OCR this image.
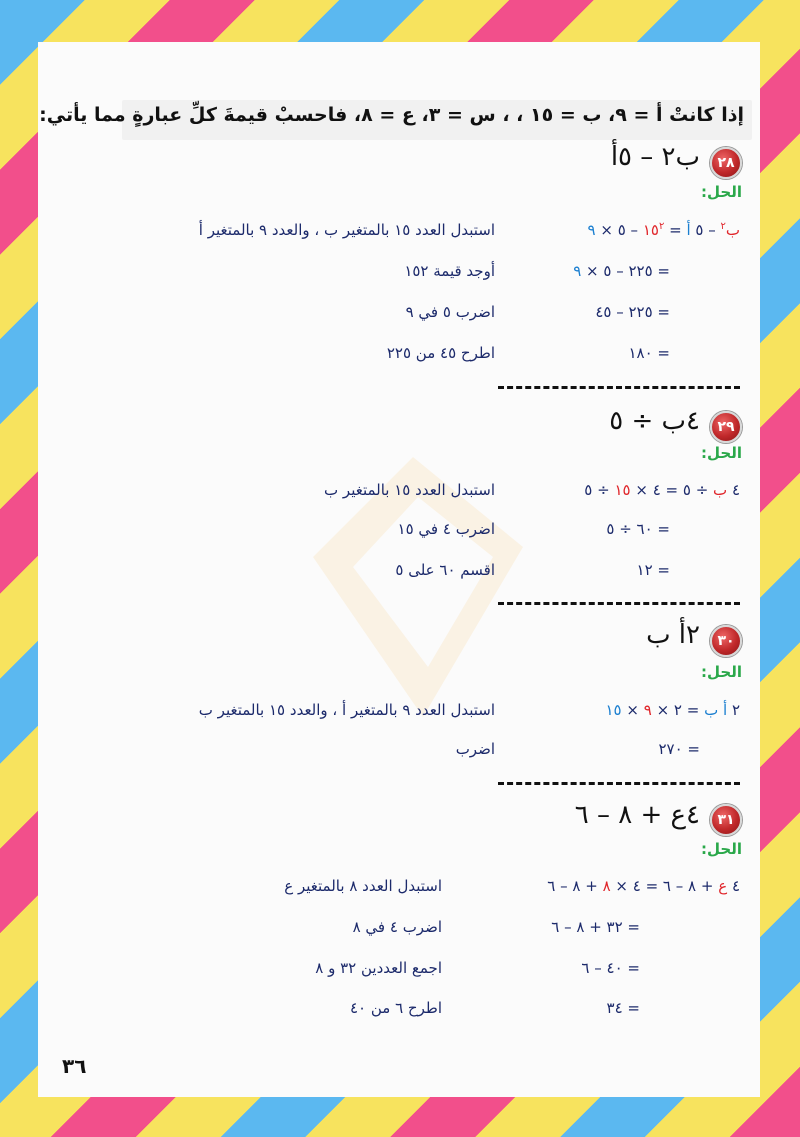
إذا كانتْ أ = ٩، ب = ١٥ ، ، س = ٣، ع = ٨، فاحسبْ قيمةَ كلِّ عبارةٍ مما يأتي:
٢٨
ب٢ – ٥أ
الحل:
ب$^٢$ – ٥ أ = $١٥^٢$ – ٥ × ٩
استبدل العدد ١٥ بالمتغير ب ، والعدد ٩ بالمتغير أ
= ٢٢٥ – ٥ × ٩
أوجد قيمة ١٥٢
= ٢٢٥ – ٤٥
اضرب ٥ في ٩
= ١٨٠
اطرح ٤٥ من ٢٢٥
٢٩
٤ب ÷ ٥
الحل:
٤ ب ÷ ٥ = ٤ × ١٥ ÷ ٥
استبدل العدد ١٥ بالمتغير ب
= ٦٠ ÷ ٥
اضرب ٤ في ١٥
= ١٢
اقسم ٦٠ على ٥
٣٠
٢أ ب
الحل:
٢ أ ب = ٢ × ٩ × ١٥
استبدل العدد ٩ بالمتغير أ ، والعدد ١٥ بالمتغير ب
= ٢٧٠
اضرب
٣١
٤ع + ٨ – ٦
الحل:
٤ ع + ٨ – ٦ = ٤ × ٨ + ٨ – ٦
استبدل العدد ٨ بالمتغير ع
= ٣٢ + ٨ – ٦
اضرب ٤ في ٨
= ٤٠ – ٦
اجمع العددين ٣٢ و ٨
= ٣٤
اطرح ٦ من ٤٠
٣٦
